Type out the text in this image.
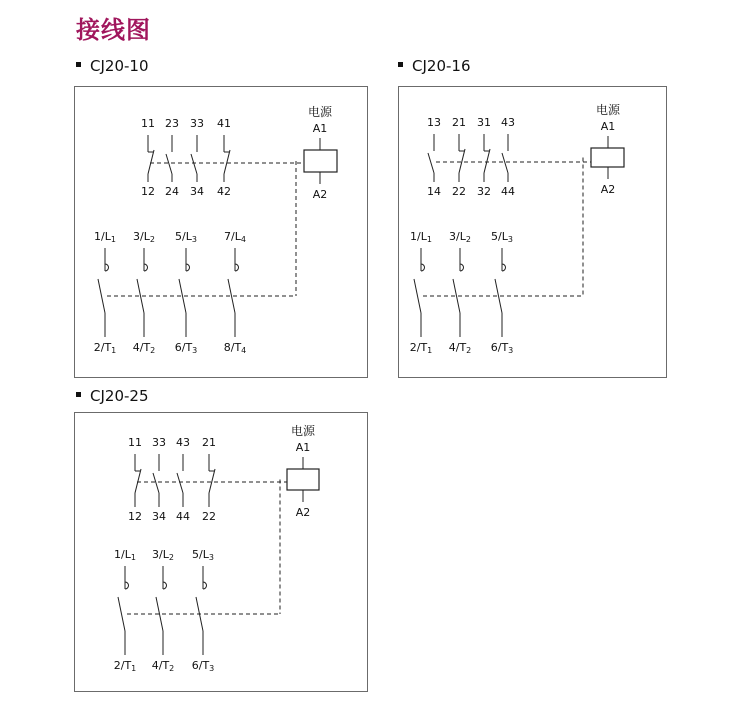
接线图
CJ20-10
11
12
23
24
33
34
41
42
电源
A1
A2
1/L1
2/T1
3/L2
4/T2
5/L3
6/T3
7/L4
8/T4
CJ20-16
13
14
21
22
31
32
43
44
电源
A1
A2
1/L1
2/T1
3/L2
4/T2
5/L3
6/T3
CJ20-25
11
12
33
34
43
44
21
22
电源
A1
A2
1/L1
2/T1
3/L2
4/T2
5/L3
6/T3
